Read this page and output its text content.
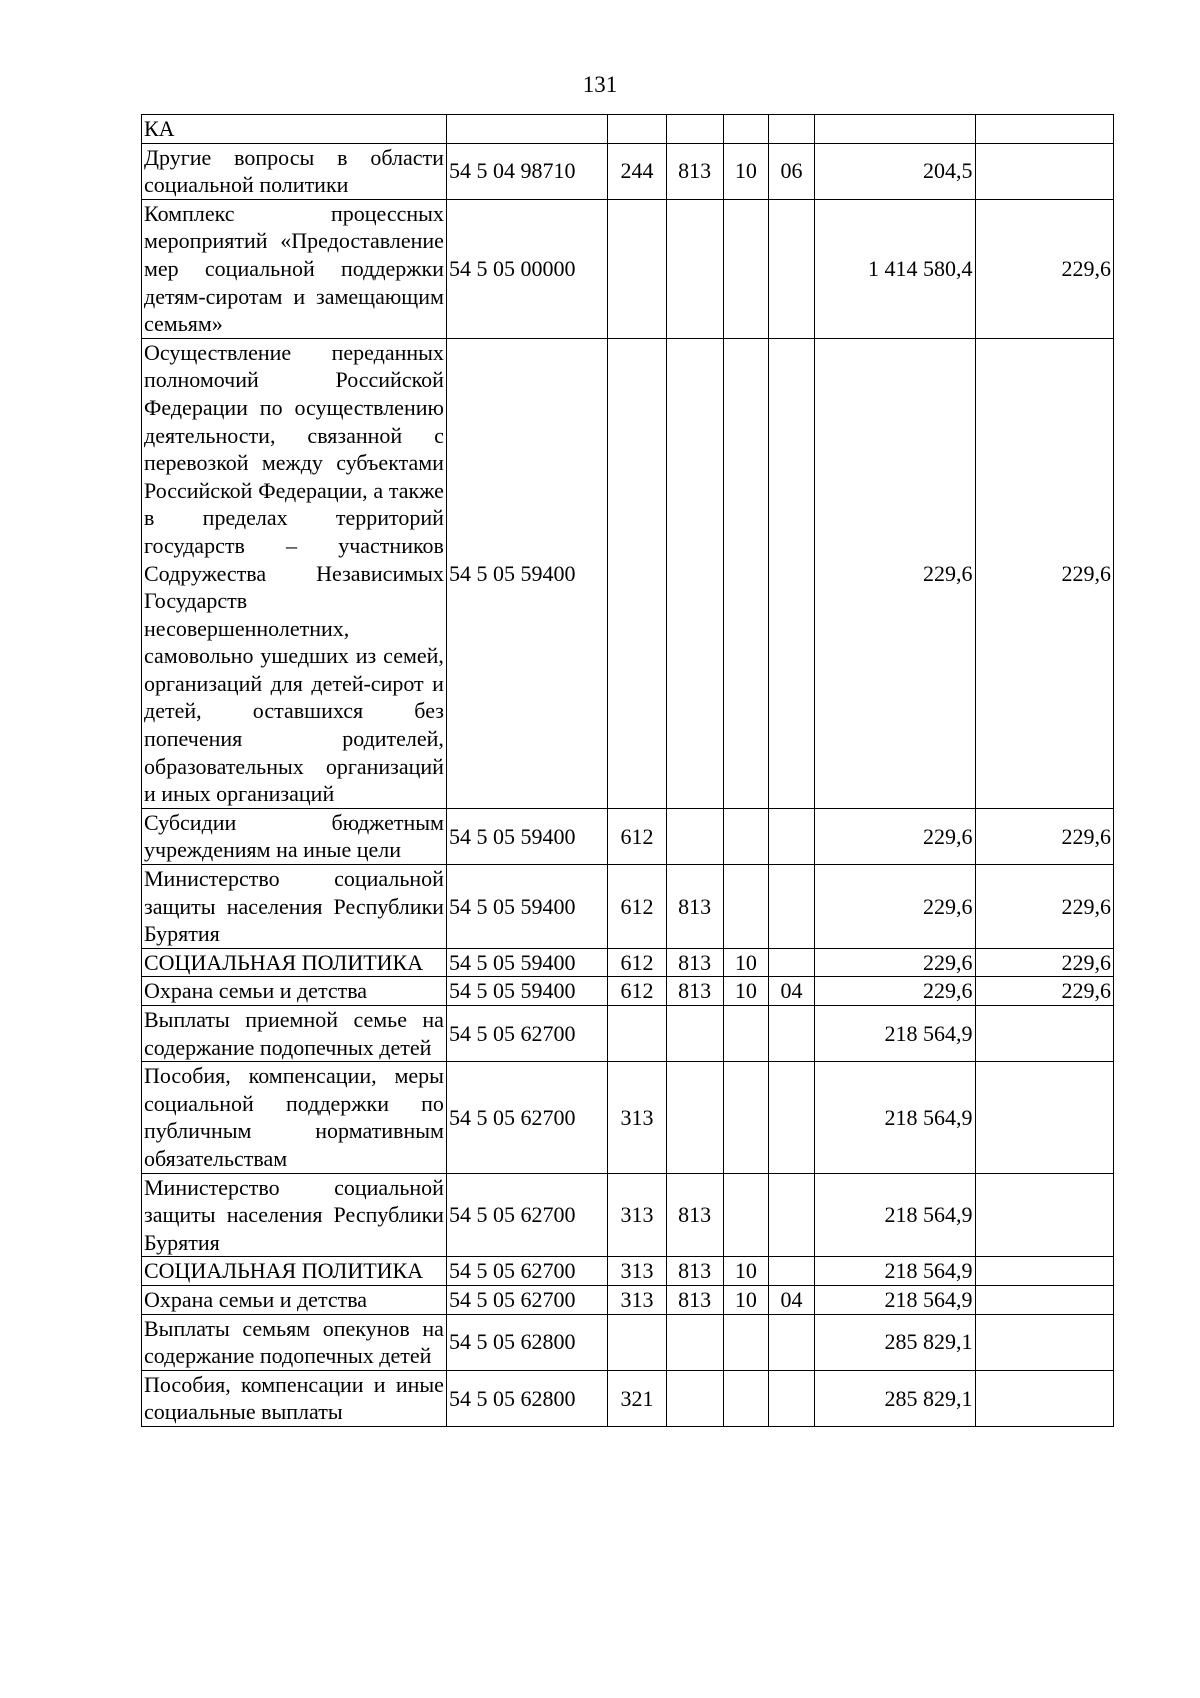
131
КА							
Другие вопросы в области социальной политики	54 5 04 98710	244	813	10	06	204,5	
Комплекс процессных мероприятий «Предоставление мер социальной поддержки детям-сиротам и замещающим семьям»	54 5 05 00000					1 414 580,4	229,6
Осуществление переданных полномочий Российской Федерации по осуществлению деятельности, связанной с перевозкой между субъектами Российской Федерации, а также в пределах территорий государств – участников Содружества Независимых Государств несовершеннолетних, самовольно ушедших из семей, организаций для детей-сирот и детей, оставшихся без попечения родителей, образовательных организаций и иных организаций	54 5 05 59400					229,6	229,6
Субсидии бюджетным учреждениям на иные цели	54 5 05 59400	612				229,6	229,6
Министерство социальной защиты населения Республики Бурятия	54 5 05 59400	612	813			229,6	229,6
СОЦИАЛЬНАЯ ПОЛИТИКА	54 5 05 59400	612	813	10		229,6	229,6
Охрана семьи и детства	54 5 05 59400	612	813	10	04	229,6	229,6
Выплаты приемной семье на содержание подопечных детей	54 5 05 62700					218 564,9	
Пособия, компенсации, меры социальной поддержки по публичным нормативным обязательствам	54 5 05 62700	313				218 564,9	
Министерство социальной защиты населения Республики Бурятия	54 5 05 62700	313	813			218 564,9	
СОЦИАЛЬНАЯ ПОЛИТИКА	54 5 05 62700	313	813	10		218 564,9	
Охрана семьи и детства	54 5 05 62700	313	813	10	04	218 564,9	
Выплаты семьям опекунов на содержание подопечных детей	54 5 05 62800					285 829,1	
Пособия, компенсации и иные социальные выплаты	54 5 05 62800	321				285 829,1	
